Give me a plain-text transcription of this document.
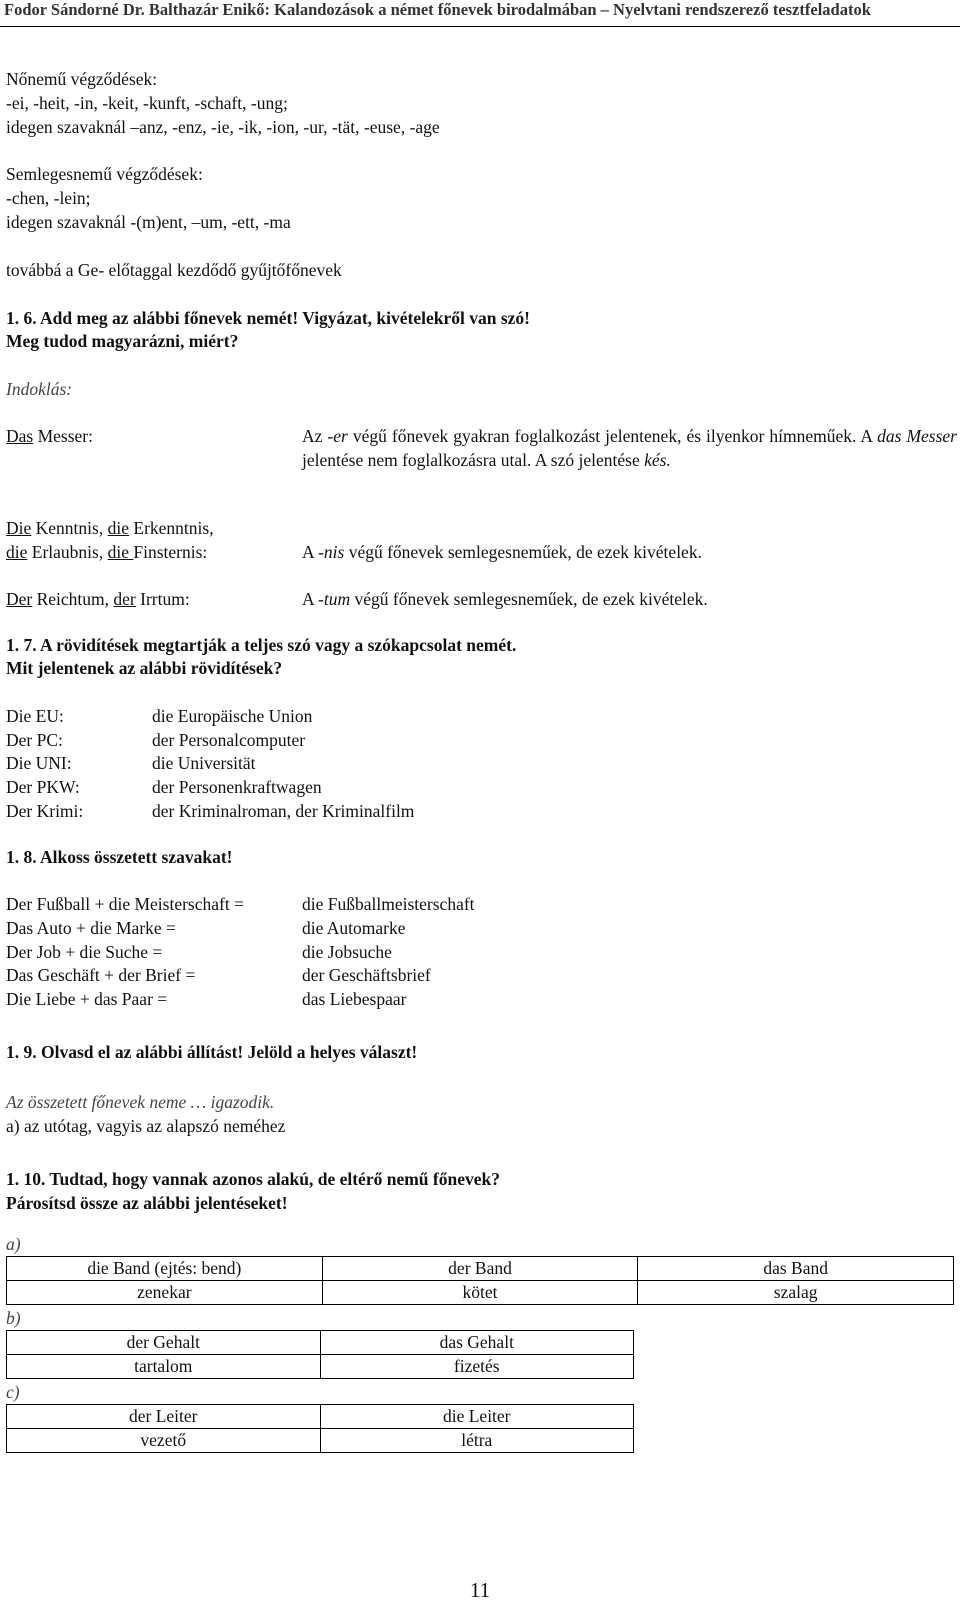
Fodor Sándorné Dr. Balthazár Enikő: Kalandozások a német főnevek birodalmában – Nyelvtani rendszerező tesztfeladatok
Nőnemű végződések:
-ei, -heit, -in, -keit, -kunft, -schaft, -ung;
idegen szavaknál –anz, -enz, -ie, -ik, -ion, -ur, -tät, -euse, -age
Semlegesnemű végződések:
-chen, -lein;
idegen szavaknál -(m)ent, –um, -ett, -ma
továbbá a Ge- előtaggal kezdődő gyűjtőfőnevek
1. 6. Add meg az alábbi főnevek nemét! Vigyázat, kivételekről van szó!
Meg tudod magyarázni, miért?
Indoklás:
Das Messer:	Az -er végű főnevek gyakran foglalkozást jelentenek, és ilyenkor hímneműek. A das Messer jelentése nem foglalkozásra utal. A szó jelentése kés.
Die Kenntnis, die Erkenntnis,
die Erlaubnis, die Finsternis:	A -nis végű főnevek semlegesneműek, de ezek kivételek.
Der Reichtum, der Irrtum:	A -tum végű főnevek semlegesneműek, de ezek kivételek.
1. 7. A rövidítések megtartják a teljes szó vagy a szókapcsolat nemét.
Mit jelentenek az alábbi rövidítések?
Die EU:	die Europäische Union
Der PC:	der Personalcomputer
Die UNI:	die Universität
Der PKW:	der Personenkraftwagen
Der Krimi:	der Kriminalroman, der Kriminalfilm
1. 8. Alkoss összetett szavakat!
Der Fußball + die Meisterschaft =	die Fußballmeisterschaft
Das Auto + die Marke =	die Automarke
Der Job + die Suche =	die Jobsuche
Das Geschäft + der Brief =	der Geschäftsbrief
Die Liebe + das Paar =	das Liebespaar
1. 9. Olvasd el az alábbi állítást! Jelöld a helyes választ!
Az összetett főnevek neme … igazodik.
a) az utótag, vagyis az alapszó neméhez
1. 10. Tudtad, hogy vannak azonos alakú, de eltérő nemű főnevek?
Párosítsd össze az alábbi jelentéseket!
a)
die Band (ejtés: bend)	der Band	das Band
zenekar	kötet	szalag
b)
der Gehalt	das Gehalt
tartalom	fizetés
c)
der Leiter	die Leiter
vezető	létra
11
